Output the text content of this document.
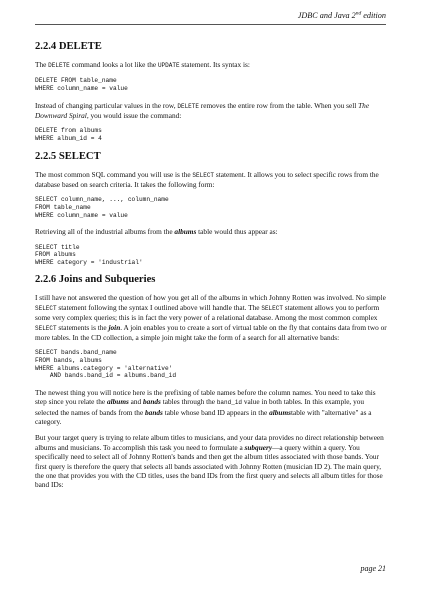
JDBC and Java 2nd edition
2.2.4 DELETE

The DELETE command looks a lot like the UPDATE statement. Its syntax is:

DELETE FROM table_name
WHERE column_name = value

Instead of changing particular values in the row, DELETE removes the entire row from the table. When you sell The Downward Spiral, you would issue the command:

DELETE from albums
WHERE album_id = 4
2.2.5 SELECT

The most common SQL command you will use is the SELECT statement. It allows you to select specific rows from the database based on search criteria. It takes the following form:

SELECT column_name, ..., column_name
FROM table_name
WHERE column_name = value

Retrieving all of the industrial albums from the albums table would thus appear as:

SELECT title
FROM albums
WHERE category = 'industrial'
2.2.6 Joins and Subqueries

I still have not answered the question of how you get all of the albums in which Johnny Rotten was involved. No simple SELECT statement following the syntax I outlined above will handle that. The SELECT statement allows you to perform some very complex queries; this is in fact the very power of a relational database. Among the most common complex SELECT statements is the join. A join enables you to create a sort of virtual table on the fly that contains data from two or more tables. In the CD collection, a simple join might take the form of a search for all alternative bands:

SELECT bands.band_name
FROM bands, albums
WHERE albums.category = 'alternative'
AND bands.band_id = albums.band_id

The newest thing you will notice here is the prefixing of table names before the column names. You need to take this step since you relate the albums and bands tables through the band_id value in both tables. In this example, you selected the names of bands from the bands table whose band ID appears in the albumstable with "alternative" as a category.

But your target query is trying to relate album titles to musicians, and your data provides no direct relationship between albums and musicians. To accomplish this task you need to formulate a subquery—a query within a query. You specifically need to select all of Johnny Rotten's bands and then get the album titles associated with those bands. Your first query is therefore the query that selects all bands associated with Johnny Rotten (musician ID 2). The main query, the one that provides you with the CD titles, uses the band IDs from the first query and selects all album titles for those band IDs:

page 21
